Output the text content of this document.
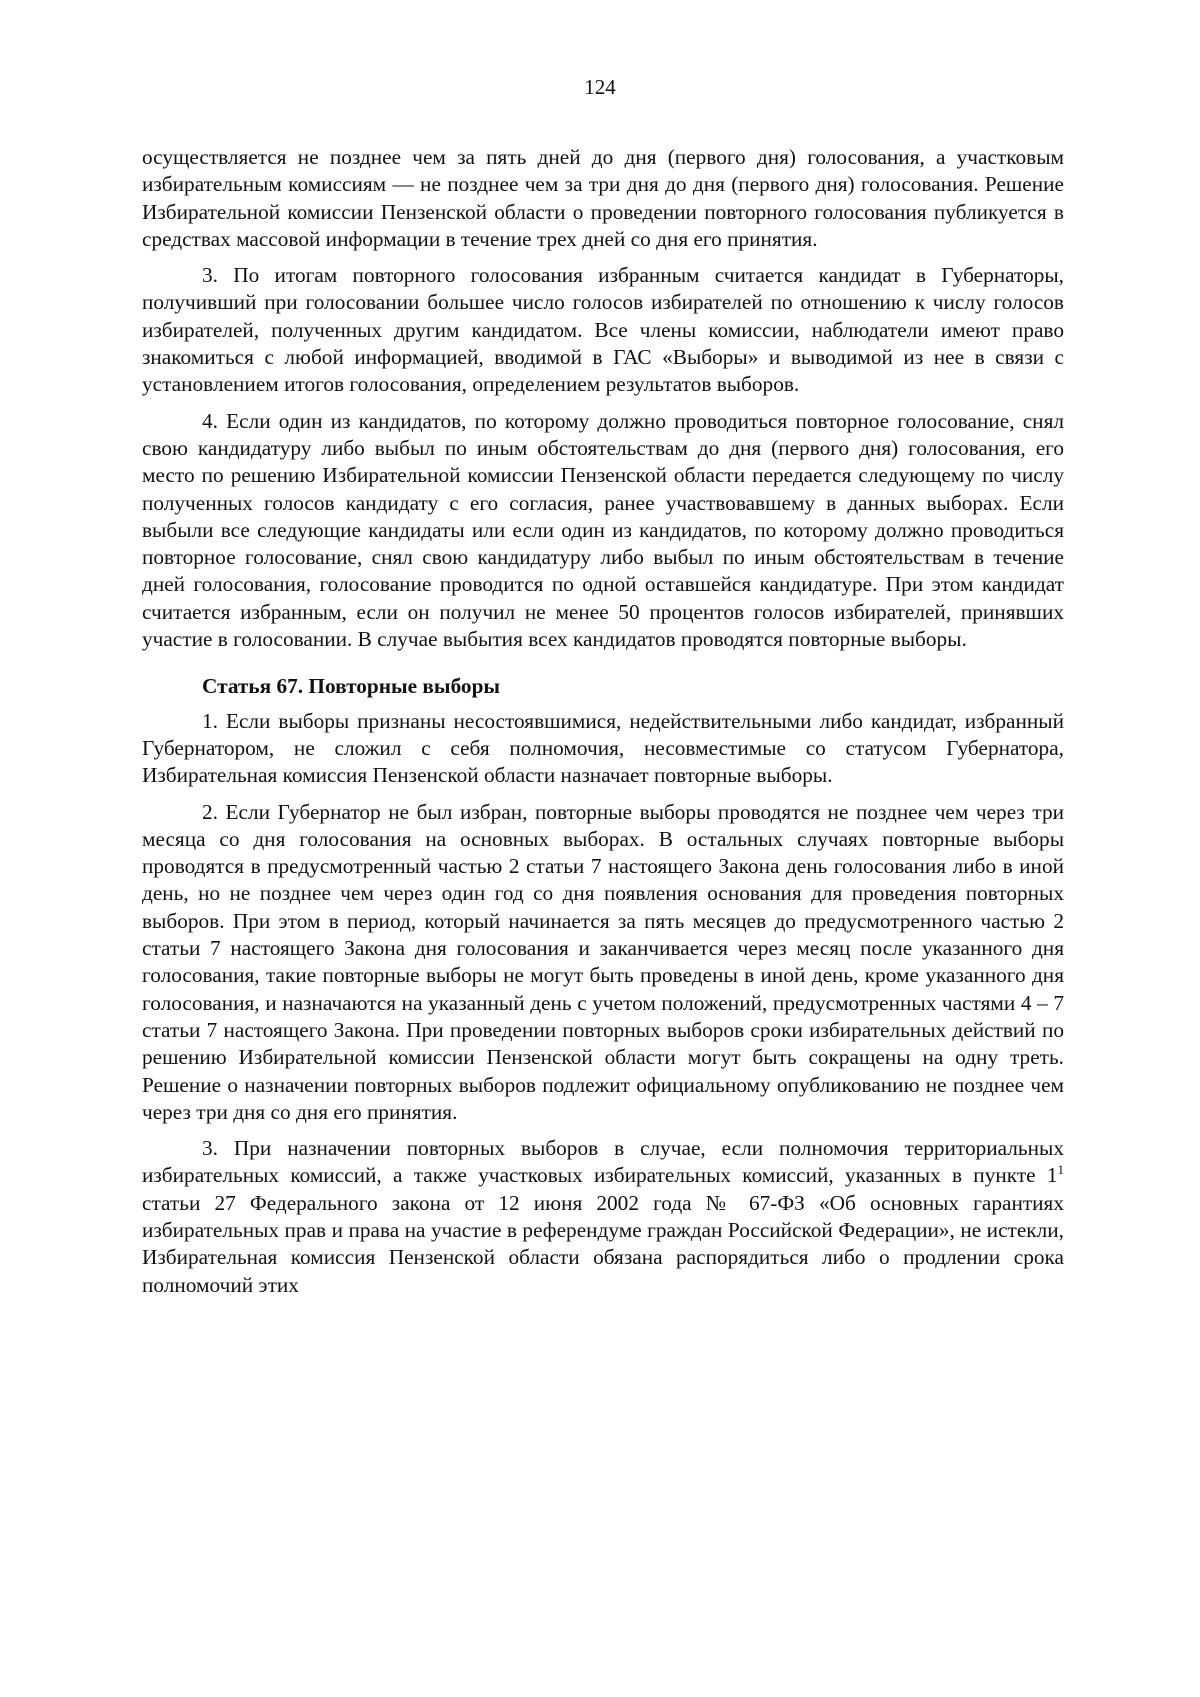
124

осуществляется не позднее чем за пять дней до дня (первого дня) голосования, а участковым избирательным комиссиям — не позднее чем за три дня до дня (первого дня) голосования. Решение Избирательной комиссии Пензенской области о проведении повторного голосования публикуется в средствах массовой информации в течение трех дней со дня его принятия.

3. По итогам повторного голосования избранным считается кандидат в Губернаторы, получивший при голосовании большее число голосов избирателей по отношению к числу голосов избирателей, полученных другим кандидатом. Все члены комиссии, наблюдатели имеют право знакомиться с любой информацией, вводимой в ГАС «Выборы» и выводимой из нее в связи с установлением итогов голосования, определением результатов выборов.

4. Если один из кандидатов, по которому должно проводиться повторное голосование, снял свою кандидатуру либо выбыл по иным обстоятельствам до дня (первого дня) голосования, его место по решению Избирательной комиссии Пензенской области передается следующему по числу полученных голосов кандидату с его согласия, ранее участвовавшему в данных выборах. Если выбыли все следующие кандидаты или если один из кандидатов, по которому должно проводиться повторное голосование, снял свою кандидатуру либо выбыл по иным обстоятельствам в течение дней голосования, голосование проводится по одной оставшейся кандидатуре. При этом кандидат считается избранным, если он получил не менее 50 процентов голосов избирателей, принявших участие в голосовании. В случае выбытия всех кандидатов проводятся повторные выборы.

Статья 67. Повторные выборы

1. Если выборы признаны несостоявшимися, недействительными либо кандидат, избранный Губернатором, не сложил с себя полномочия, несовместимые со статусом Губернатора, Избирательная комиссия Пензенской области назначает повторные выборы.

2. Если Губернатор не был избран, повторные выборы проводятся не позднее чем через три месяца со дня голосования на основных выборах. В остальных случаях повторные выборы проводятся в предусмотренный частью 2 статьи 7 настоящего Закона день голосования либо в иной день, но не позднее чем через один год со дня появления основания для проведения повторных выборов. При этом в период, который начинается за пять месяцев до предусмотренного частью 2 статьи 7 настоящего Закона дня голосования и заканчивается через месяц после указанного дня голосования, такие повторные выборы не могут быть проведены в иной день, кроме указанного дня голосования, и назначаются на указанный день с учетом положений, предусмотренных частями 4 – 7 статьи 7 настоящего Закона. При проведении повторных выборов сроки избирательных действий по решению Избирательной комиссии Пензенской области могут быть сокращены на одну треть. Решение о назначении повторных выборов подлежит официальному опубликованию не позднее чем через три дня со дня его принятия.

3. При назначении повторных выборов в случае, если полномочия территориальных избирательных комиссий, а также участковых избирательных комиссий, указанных в пункте $1^1$ статьи 27 Федерального закона от 12 июня 2002 года № 67-ФЗ «Об основных гарантиях избирательных прав и права на участие в референдуме граждан Российской Федерации», не истекли, Избирательная комиссия Пензенской области обязана распорядиться либо о продлении срока полномочий этих
